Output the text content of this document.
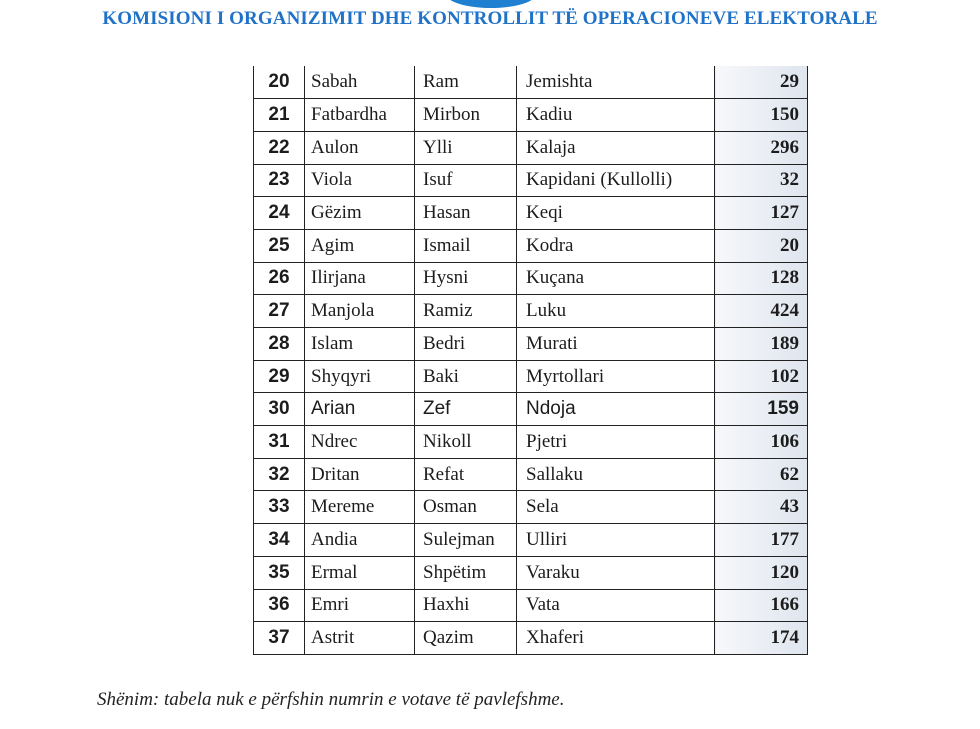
KOMISIONI I ORGANIZIMIT DHE KONTROLLIT TË OPERACIONEVE ELEKTORALE
20	Sabah	Ram	Jemishta	29
21	Fatbardha	Mirbon	Kadiu	150
22	Aulon	Ylli	Kalaja	296
23	Viola	Isuf	Kapidani (Kullolli)	32
24	Gëzim	Hasan	Keqi	127
25	Agim	Ismail	Kodra	20
26	Ilirjana	Hysni	Kuçana	128
27	Manjola	Ramiz	Luku	424
28	Islam	Bedri	Murati	189
29	Shyqyri	Baki	Myrtollari	102
30	Arian	Zef	Ndoja	159
31	Ndrec	Nikoll	Pjetri	106
32	Dritan	Refat	Sallaku	62
33	Mereme	Osman	Sela	43
34	Andia	Sulejman	Ulliri	177
35	Ermal	Shpëtim	Varaku	120
36	Emri	Haxhi	Vata	166
37	Astrit	Qazim	Xhaferi	174
Shënim: tabela nuk e përfshin numrin e votave të pavlefshme.
